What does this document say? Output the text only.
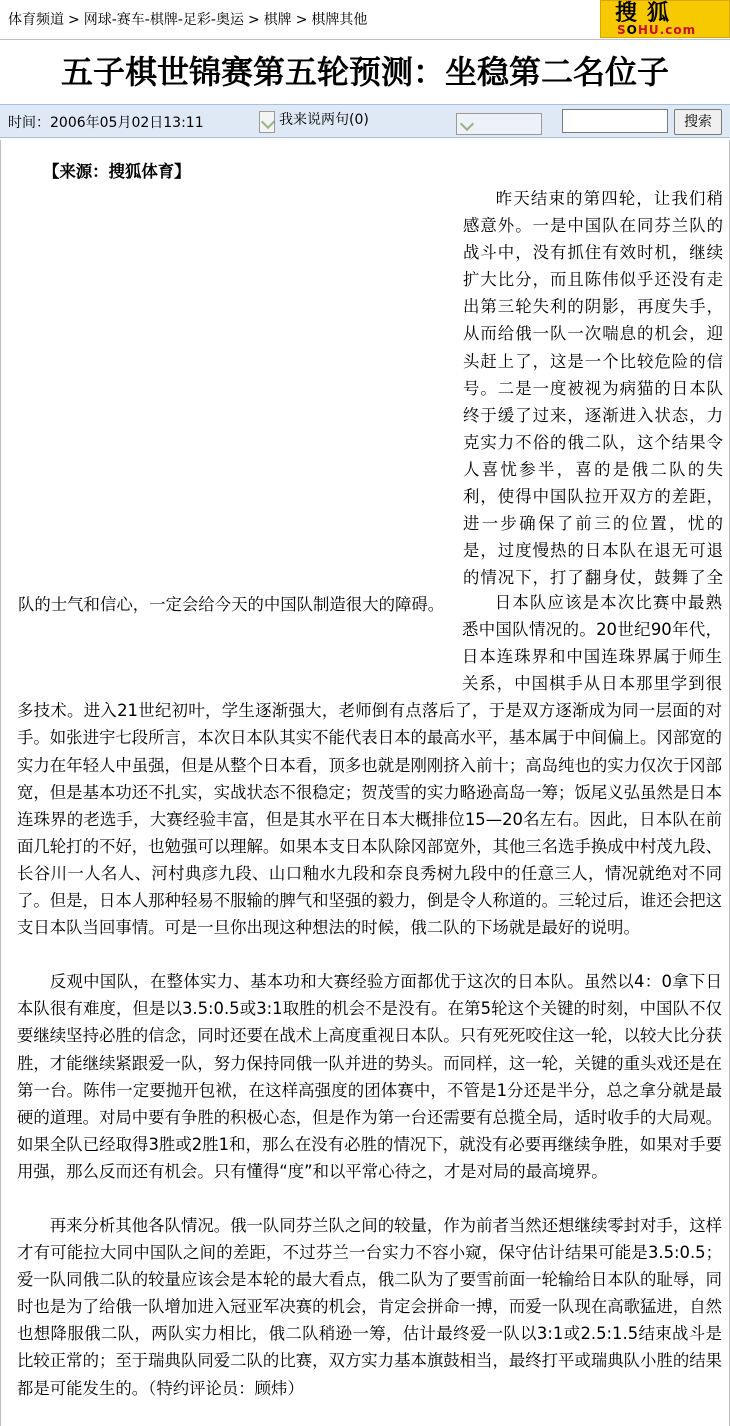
体育频道 > 网球-赛车-棋牌-足彩-奥运 > 棋牌 > 棋牌其他	搜狐
SOHU.com
五子棋世锦赛第五轮预测：坐稳第二名位子
时间：2006年05月02日13:11	我来说两句(0)	搜索
【来源：搜狐体育】

昨天结束的第四轮，让我们稍感意外。一是中国队在同芬兰队的战斗中，没有抓住有效时机，继续扩大比分，而且陈伟似乎还没有走出第三轮失利的阴影，再度失手，从而给俄一队一次喘息的机会，迎头赶上了，这是一个比较危险的信号。二是一度被视为病猫的日本队终于缓了过来，逐渐进入状态，力克实力不俗的俄二队，这个结果令人喜忧参半，喜的是俄二队的失利，使得中国队拉开双方的差距，进一步确保了前三的位置，忧的是，过度慢热的日本队在退无可退的情况下，打了翻身仗，鼓舞了全队的士气和信心，一定会给今天的中国队制造很大的障碍。	日本队应该是本次比赛中最熟悉中国队情况的。20世纪90年代，日本连珠界和中国连珠界属于师生关系，中国棋手从日本那里学到很多技术。进入21世纪初叶，学生逐渐强大，老师倒有点落后了，于是双方逐渐成为同一层面的对手。如张进宇七段所言，本次日本队其实不能代表日本的最高水平，基本属于中间偏上。冈部宽的实力在年轻人中虽强，但是从整个日本看，顶多也就是刚刚挤入前十；高岛纯也的实力仅次于冈部宽，但是基本功还不扎实，实战状态不很稳定；贺茂雪的实力略逊高岛一筹；饭尾义弘虽然是日本连珠界的老选手，大赛经验丰富，但是其水平在日本大概排位15—20名左右。因此，日本队在前面几轮打的不好，也勉强可以理解。如果本支日本队除冈部宽外，其他三名选手换成中村茂九段、长谷川一人名人、河村典彦九段、山口釉水九段和奈良秀树九段中的任意三人，情况就绝对不同了。但是，日本人那种轻易不服输的脾气和坚强的毅力，倒是令人称道的。三轮过后，谁还会把这支日本队当回事情。可是一旦你出现这种想法的时候，俄二队的下场就是最好的说明。

反观中国队，在整体实力、基本功和大赛经验方面都优于这次的日本队。虽然以4：0拿下日本队很有难度，但是以3.5:0.5或3:1取胜的机会不是没有。在第5轮这个关键的时刻，中国队不仅要继续坚持必胜的信念，同时还要在战术上高度重视日本队。只有死死咬住这一轮，以较大比分获胜，才能继续紧跟爱一队，努力保持同俄一队并进的势头。而同样，这一轮，关键的重头戏还是在第一台。陈伟一定要抛开包袱，在这样高强度的团体赛中，不管是1分还是半分，总之拿分就是最硬的道理。对局中要有争胜的积极心态，但是作为第一台还需要有总揽全局，适时收手的大局观。如果全队已经取得3胜或2胜1和，那么在没有必胜的情况下，就没有必要再继续争胜，如果对手要用强，那么反而还有机会。只有懂得“度”和以平常心待之，才是对局的最高境界。

再来分析其他各队情况。俄一队同芬兰队之间的较量，作为前者当然还想继续零封对手，这样才有可能拉大同中国队之间的差距，不过芬兰一台实力不容小窥，保守估计结果可能是3.5:0.5；爱一队同俄二队的较量应该会是本轮的最大看点，俄二队为了要雪前面一轮输给日本队的耻辱，同时也是为了给俄一队增加进入冠亚军决赛的机会，肯定会拼命一搏，而爱一队现在高歌猛进，自然也想降服俄二队，两队实力相比，俄二队稍逊一筹，估计最终爱一队以3:1或2.5:1.5结束战斗是比较正常的；至于瑞典队同爱二队的比赛，双方实力基本旗鼓相当，最终打平或瑞典队小胜的结果都是可能发生的。（特约评论员：顾炜）
